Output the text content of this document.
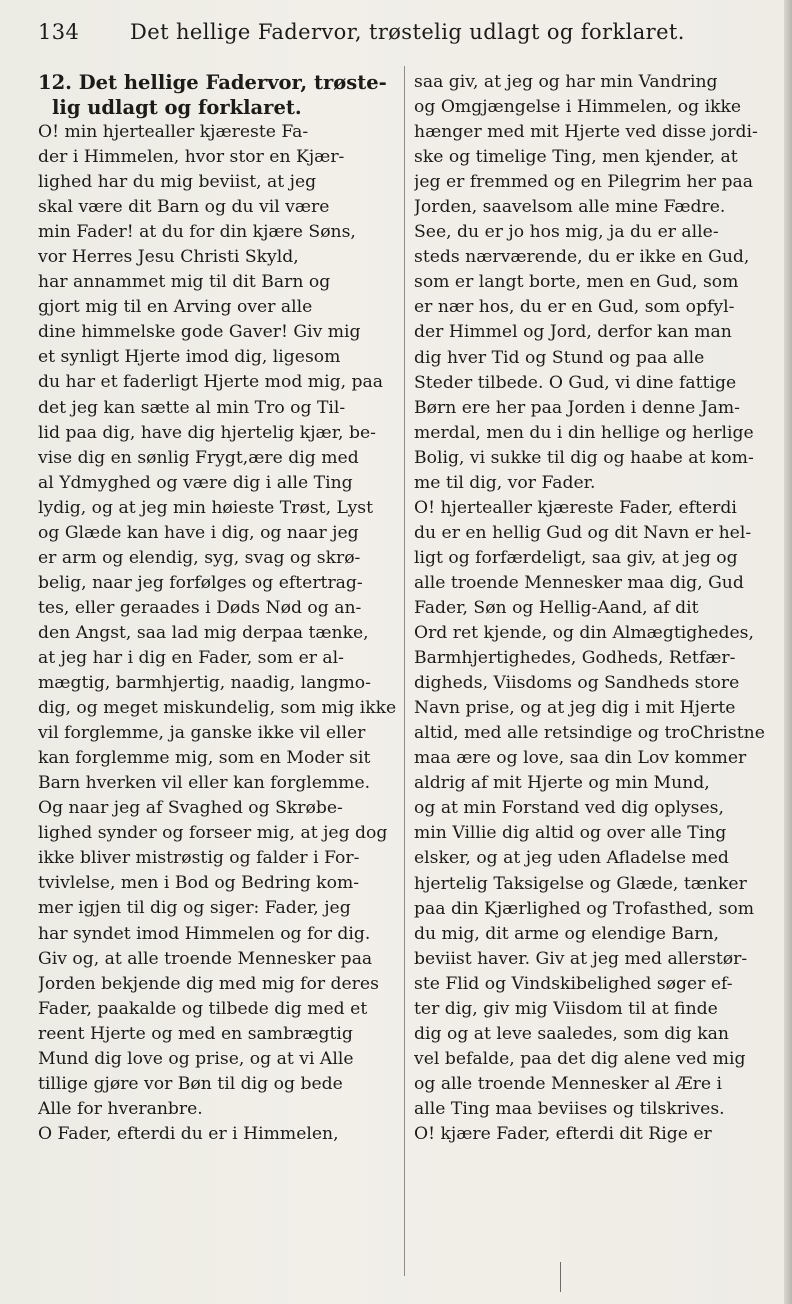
134 Det hellige Fadervor, trøstelig udlagt og forklaret.
12. Det hellige Fadervor, trøste-
lig udlagt og forklaret.
O! min hjertealler kjæreste Fa-
der i Himmelen, hvor stor en Kjær-
lighed har du mig beviist, at jeg
skal være dit Barn og du vil være
min Fader! at du for din kjære Søns,
vor Herres Jesu Christi Skyld,
har annammet mig til dit Barn og
gjort mig til en Arving over alle
dine himmelske gode Gaver! Giv mig
et synligt Hjerte imod dig, ligesom
du har et faderligt Hjerte mod mig, paa
det jeg kan sætte al min Tro og Til-
lid paa dig, have dig hjertelig kjær, be-
vise dig en sønlig Frygt,ære dig med
al Ydmyghed og være dig i alle Ting
lydig, og at jeg min høieste Trøst, Lyst
og Glæde kan have i dig, og naar jeg
er arm og elendig, syg, svag og skrø-
belig, naar jeg forfølges og eftertrag-
tes, eller geraades i Døds Nød og an-
den Angst, saa lad mig derpaa tænke,
at jeg har i dig en Fader, som er al-
mægtig, barmhjertig, naadig, langmo-
dig, og meget miskundelig, som mig ikke
vil forglemme, ja ganske ikke vil eller
kan forglemme mig, som en Moder sit
Barn hverken vil eller kan forglemme.
Og naar jeg af Svaghed og Skrøbe-
lighed synder og forseer mig, at jeg dog
ikke bliver mistrøstig og falder i For-
tvivlelse, men i Bod og Bedring kom-
mer igjen til dig og siger: Fader, jeg
har syndet imod Himmelen og for dig.
Giv og, at alle troende Mennesker paa
Jorden bekjende dig med mig for deres
Fader, paakalde og tilbede dig med et
reent Hjerte og med en sambrægtig
Mund dig love og prise, og at vi Alle
tillige gjøre vor Bøn til dig og bede
Alle for hveranbre.
O Fader, efterdi du er i Himmelen,
saa giv, at jeg og har min Vandring
og Omgjængelse i Himmelen, og ikke
hænger med mit Hjerte ved disse jordi-
ske og timelige Ting, men kjender, at
jeg er fremmed og en Pilegrim her paa
Jorden, saavelsom alle mine Fædre.
See, du er jo hos mig, ja du er alle-
steds nærværende, du er ikke en Gud,
som er langt borte, men en Gud, som
er nær hos, du er en Gud, som opfyl-
der Himmel og Jord, derfor kan man
dig hver Tid og Stund og paa alle
Steder tilbede. O Gud, vi dine fattige
Børn ere her paa Jorden i denne Jam-
merdal, men du i din hellige og herlige
Bolig, vi sukke til dig og haabe at kom-
me til dig, vor Fader.
O! hjertealler kjæreste Fader, efterdi
du er en hellig Gud og dit Navn er hel-
ligt og forfærdeligt, saa giv, at jeg og
alle troende Mennesker maa dig, Gud
Fader, Søn og Hellig-Aand, af dit
Ord ret kjende, og din Almægtighedes,
Barmhjertighedes, Godheds, Retfær-
digheds, Viisdoms og Sandheds store
Navn prise, og at jeg dig i mit Hjerte
altid, med alle retsindige og troChristne
maa ære og love, saa din Lov kommer
aldrig af mit Hjerte og min Mund,
og at min Forstand ved dig oplyses,
min Villie dig altid og over alle Ting
elsker, og at jeg uden Afladelse med
hjertelig Taksigelse og Glæde, tænker
paa din Kjærlighed og Trofasthed, som
du mig, dit arme og elendige Barn,
beviist haver. Giv at jeg med allerstør-
ste Flid og Vindskibelighed søger ef-
ter dig, giv mig Viisdom til at finde
dig og at leve saaledes, som dig kan
vel befalde, paa det dig alene ved mig
og alle troende Mennesker al Ære i
alle Ting maa beviises og tilskrives.
O! kjære Fader, efterdi dit Rige er
